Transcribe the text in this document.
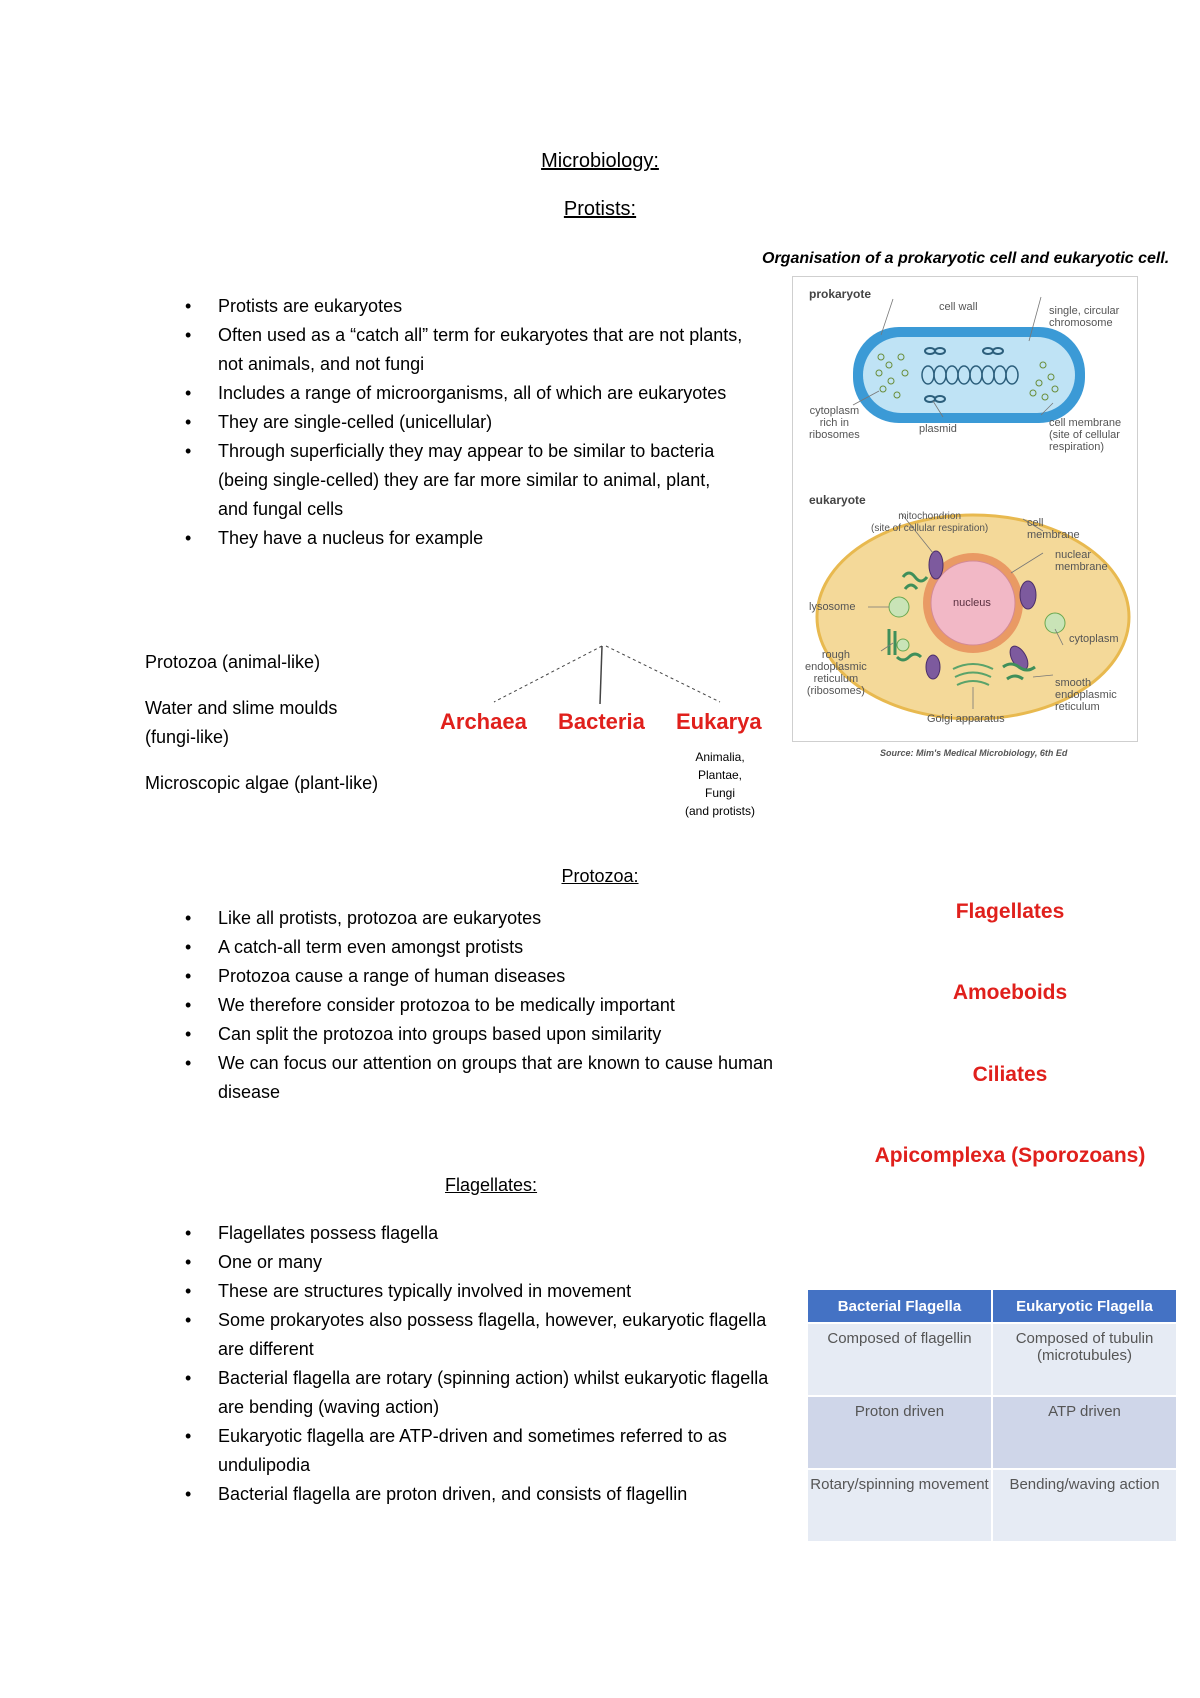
Microbiology:
Protists:
• Protists are eukaryotes
• Often used as a “catch all” term for eukaryotes that are not plants, not animals, and not fungi
• Includes a range of microorganisms, all of which are eukaryotes
• They are single-celled (unicellular)
• Through superficially they may appear to be similar to bacteria (being single-celled) they are far more similar to animal, plant, and fungal cells
• They have a nucleus for example
Protozoa (animal-like)
Water and slime moulds
(fungi-like)
Microscopic algae (plant-like)
Archaea Bacteria Eukarya
Animalia,
Plantae,
Fungi
(and protists)
Organisation of a prokaryotic cell and eukaryotic cell.
prokaryote
cell wall	single, circular
chromosome
cytoplasm
rich in
ribosomes	plasmid	cell membrane
(site of cellular
respiration)
eukaryote
mitochondrion
(site of cellular respiration)	cell
membrane
nuclear
membrane
nucleus
lysosome
cytoplasm
rough
endoplasmic
reticulum
(ribosomes)
smooth
endoplasmic
reticulum
Golgi apparatus
Source: Mim's Medical Microbiology, 6th Ed
Protozoa:
• Like all protists, protozoa are eukaryotes
• A catch-all term even amongst protists
• Protozoa cause a range of human diseases
• We therefore consider protozoa to be medically important
• Can split the protozoa into groups based upon similarity
• We can focus our attention on groups that are known to cause human disease
Flagellates
Amoeboids
Ciliates
Apicomplexa (Sporozoans)
Flagellates:
• Flagellates possess flagella
• One or many
• These are structures typically involved in movement
• Some prokaryotes also possess flagella, however, eukaryotic flagella are different
• Bacterial flagella are rotary (spinning action) whilst eukaryotic flagella are bending (waving action)
• Eukaryotic flagella are ATP-driven and sometimes referred to as undulipodia
• Bacterial flagella are proton driven, and consists of flagellin
Bacterial Flagella	Eukaryotic Flagella
Composed of flagellin	Composed of tubulin (microtubules)
Proton driven	ATP driven
Rotary/spinning movement	Bending/waving action
